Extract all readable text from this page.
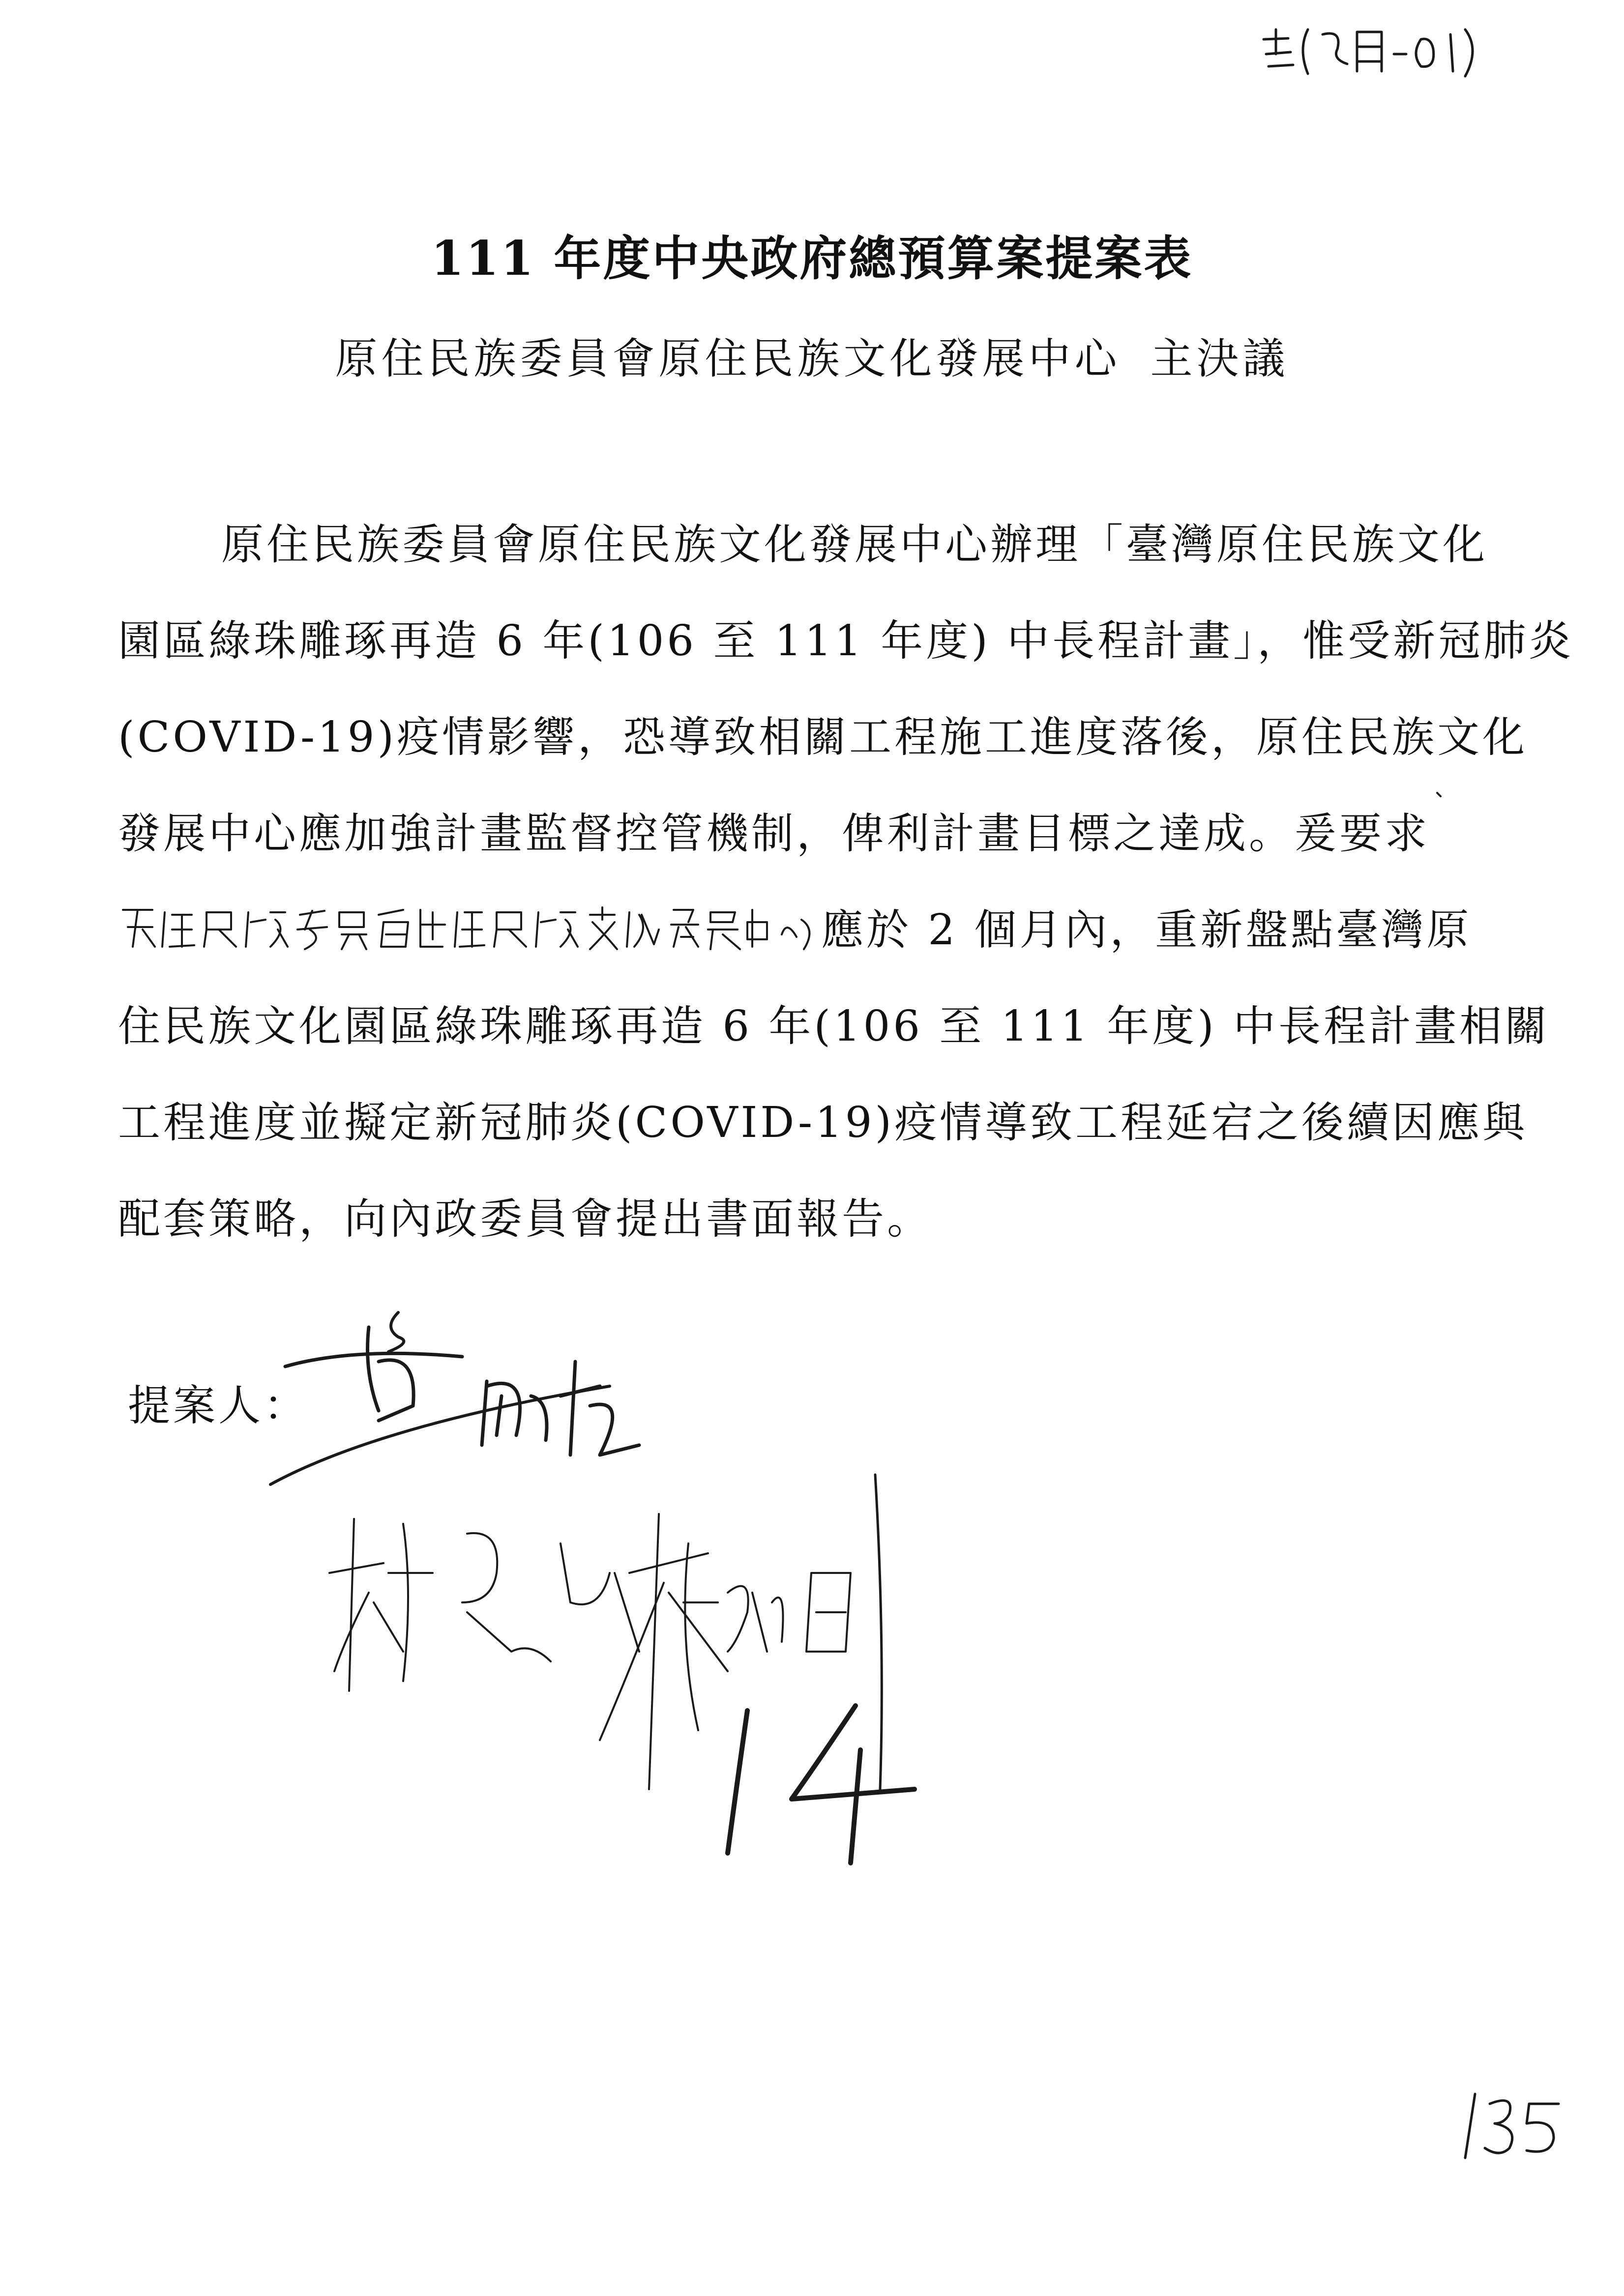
111 年度中央政府總預算案提案表
原住民族委員會原住民族文化發展中心 主決議
原住民族委員會原住民族文化發展中心辦理「臺灣原住民族文化
園區綠珠雕琢再造 6 年(106 至 111 年度) 中長程計畫」，惟受新冠肺炎
(COVID-19)疫情影響，恐導致相關工程施工進度落後，原住民族文化
發展中心應加強計畫監督控管機制，俾利計畫目標之達成。爰要求
應於 2 個月內，重新盤點臺灣原
住民族文化園區綠珠雕琢再造 6 年(106 至 111 年度) 中長程計畫相關
工程進度並擬定新冠肺炎(COVID-19)疫情導致工程延宕之後續因應與
配套策略，向內政委員會提出書面報告。
提案人：
